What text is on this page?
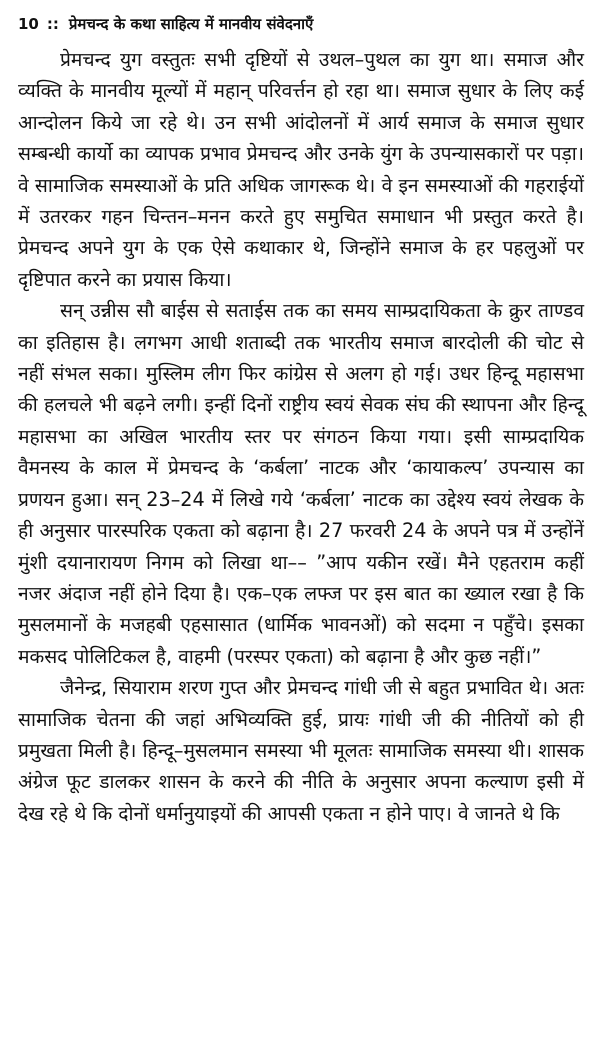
10 :: प्रेमचन्द के कथा साहित्य में मानवीय संवेदनाएँ

प्रेमचन्द युग वस्तुतः सभी दृष्टियों से उथल–पुथल का युग था। समाज और व्यक्ति के मानवीय मूल्यों में महान् परिवर्त्तन हो रहा था। समाज सुधार के लिए कई आन्दोलन किये जा रहे थे। उन सभी आंदोलनों में आर्य समाज के समाज सुधार सम्बन्धी कार्यो का व्यापक प्रभाव प्रेमचन्द और उनके युंग के उपन्यासकारों पर पड़ा। वे सामाजिक समस्याओं के प्रति अधिक जागरूक थे। वे इन समस्याओं की गहराईयों में उतरकर गहन चिन्तन–मनन करते हुए समुचित समाधान भी प्रस्तुत करते है। प्रेमचन्द अपने युग के एक ऐसे कथाकार थे, जिन्होंने समाज के हर पहलुओं पर दृष्टिपात करने का प्रयास किया।

सन् उन्नीस सौ बाईस से सताईस तक का समय साम्प्रदायिकता के क्रुर ताण्डव का इतिहास है। लगभग आधी शताब्दी तक भारतीय समाज बारदोली की चोट से नहीं संभल सका। मुस्लिम लीग फिर कांग्रेस से अलग हो गई। उधर हिन्दू महासभा की हलचले भी बढ़ने लगी। इन्हीं दिनों राष्ट्रीय स्वयं सेवक संघ की स्थापना और हिन्दू महासभा का अखिल भारतीय स्तर पर संगठन किया गया। इसी साम्प्रदायिक वैमनस्य के काल में प्रेमचन्द के ‘कर्बला’ नाटक और ‘कायाकल्प’ उपन्यास का प्रणयन हुआ। सन् 23–24 में लिखे गये ‘कर्बला’ नाटक का उद्देश्य स्वयं लेखक के ही अनुसार पारस्परिक एकता को बढ़ाना है। 27 फरवरी 24 के अपने पत्र में उन्होंनें मुंशी दयानारायण निगम को लिखा था–– ”आप यकीन रखें। मैने एहतराम कहीं नजर अंदाज नहीं होने दिया है। एक–एक लफ्ज पर इस बात का ख्याल रखा है कि मुसलमानों के मजहबी एहसासात (धार्मिक भावनओं) को सदमा न पहुँचे। इसका मकसद पोलिटिकल है, वाहमी (परस्पर एकता) को बढ़ाना है और कुछ नहीं।”

जैनेन्द्र, सियाराम शरण गुप्त और प्रेमचन्द गांधी जी से बहुत प्रभावित थे। अतः सामाजिक चेतना की जहां अभिव्यक्ति हुई, प्रायः गांधी जी की नीतियों को ही प्रमुखता मिली है। हिन्दू–मुसलमान समस्या भी मूलतः सामाजिक समस्या थी। शासक अंग्रेज फूट डालकर शासन के करने की नीति के अनुसार अपना कल्याण इसी में देख रहे थे कि दोनों धर्मानुयाइयों की आपसी एकता न होने पाए। वे जानते थे कि
